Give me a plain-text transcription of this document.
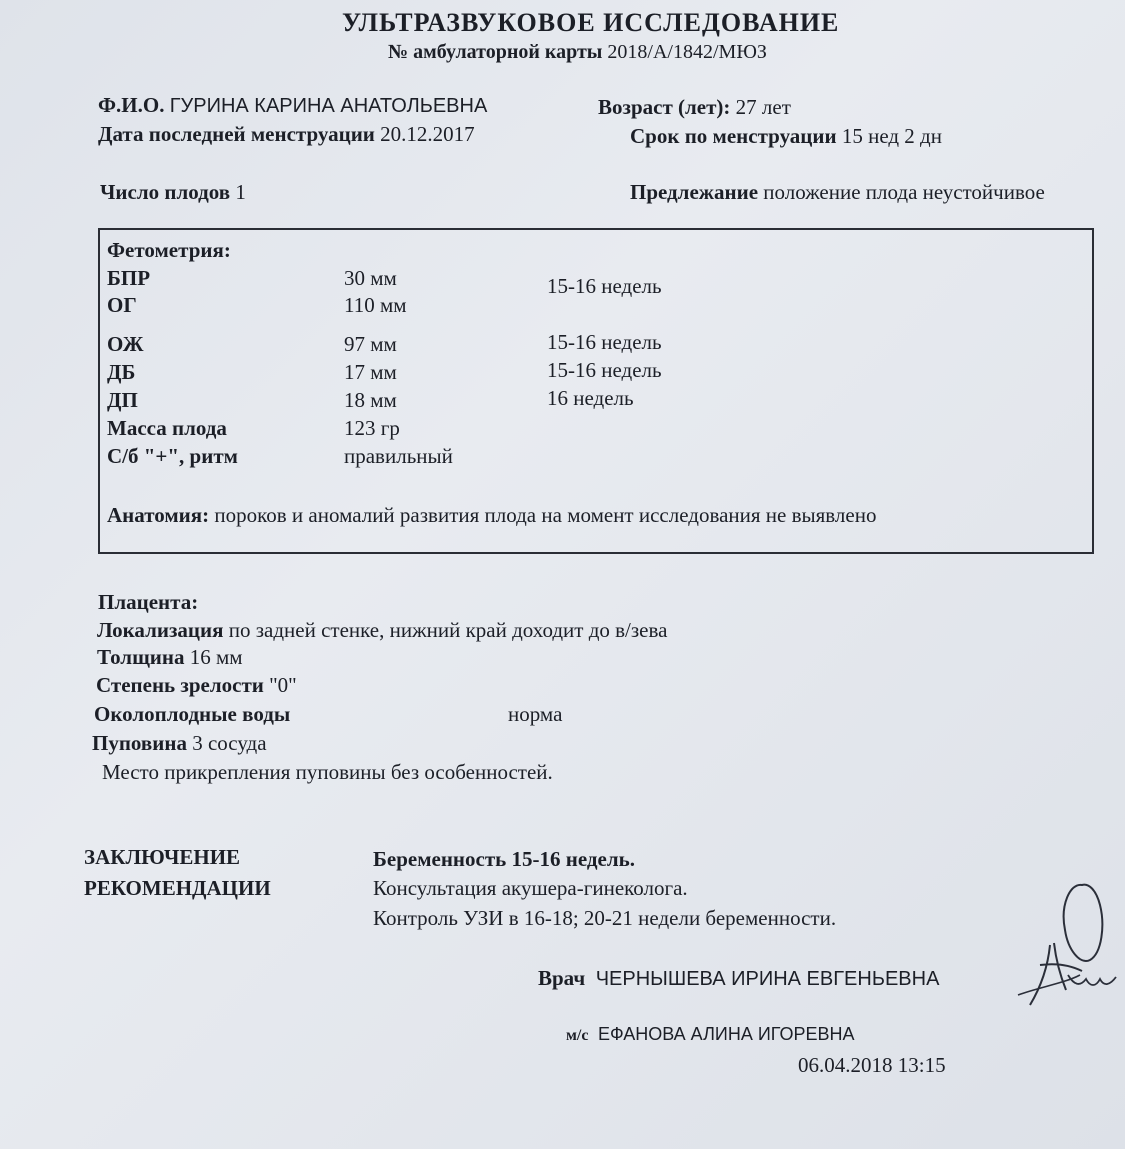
УЛЬТРАЗВУКОВОЕ ИССЛЕДОВАНИЕ
№ амбулаторной карты 2018/А/1842/МЮЗ
Ф.И.О. ГУРИНА КАРИНА АНАТОЛЬЕВНА	Возраст (лет): 27 лет
Дата последней менструации 20.12.2017	Срок по менструации 15 нед 2 дн
Число плодов 1	Предлежание положение плода неустойчивое
Фетометрия:
БПР	30 мм	15-16 недель
ОГ	110 мм
ОЖ	97 мм	15-16 недель
ДБ	17 мм	15-16 недель
ДП	18 мм	16 недель
Масса плода	123 гр
С/б "+", ритм	правильный
Анатомия: пороков и аномалий развития плода на момент исследования не выявлено
Плацента:
Локализация по задней стенке, нижний край доходит до в/зева
Толщина 16 мм
Степень зрелости "0"
Околоплодные воды	норма
Пуповина 3 сосуда
Место прикрепления пуповины без особенностей.
ЗАКЛЮЧЕНИЕ
РЕКОМЕНДАЦИИ
Беременность 15-16 недель.
Консультация акушера-гинеколога.
Контроль УЗИ в 16-18; 20-21 недели беременности.
Врач ЧЕРНЫШЕВА ИРИНА ЕВГЕНЬЕВНА
м/с ЕФАНОВА АЛИНА ИГОРЕВНА
06.04.2018 13:15
